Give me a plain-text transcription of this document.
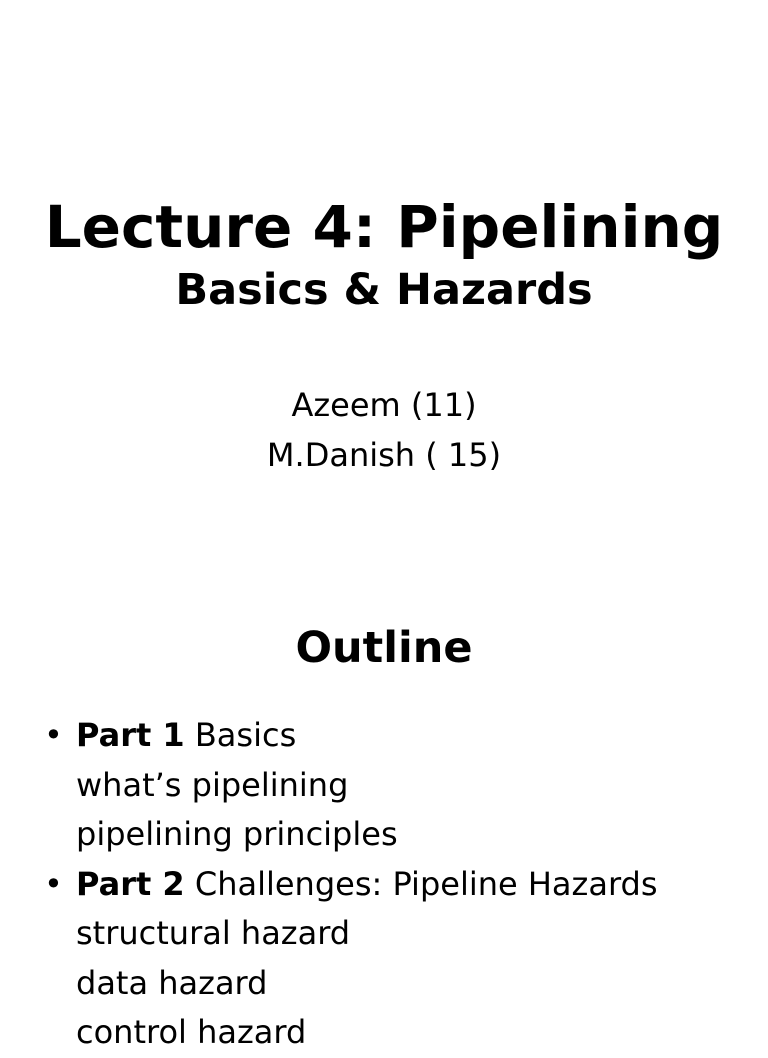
Lecture 4: Pipelining
Basics & Hazards
Azeem (11)
M.Danish ( 15)
Outline
• Part 1 Basics
what’s pipelining
pipelining principles
• Part 2 Challenges: Pipeline Hazards
structural hazard
data hazard
control hazard
